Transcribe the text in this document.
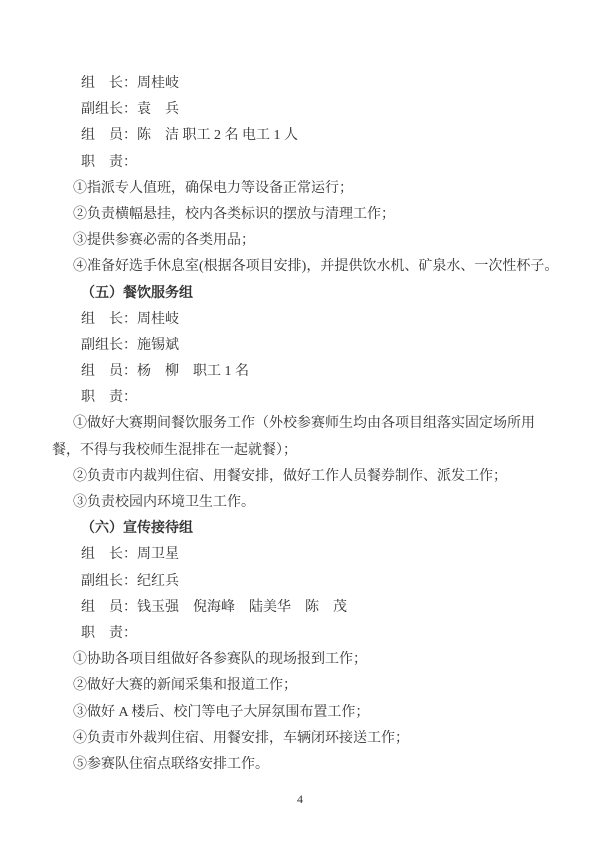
组　长：周桂岐
副组长：袁　兵
组　员：陈　洁 职工 2 名 电工 1 人
职　责：
①指派专人值班，确保电力等设备正常运行；
②负责横幅悬挂，校内各类标识的摆放与清理工作；
③提供参赛必需的各类用品；
④准备好选手休息室(根据各项目安排)，并提供饮水机、矿泉水、一次性杯子。
（五）餐饮服务组
组　长：周桂岐
副组长：施锡斌
组　员：杨　柳　职工 1 名
职　责：
①做好大赛期间餐饮服务工作（外校参赛师生均由各项目组落实固定场所用
餐，不得与我校师生混排在一起就餐）；
②负责市内裁判住宿、用餐安排，做好工作人员餐券制作、派发工作；
③负责校园内环境卫生工作。
（六）宣传接待组
组　长：周卫星
副组长：纪红兵
组　员：钱玉强　倪海峰　陆美华　陈　茂
职　责：
①协助各项目组做好各参赛队的现场报到工作；
②做好大赛的新闻采集和报道工作；
③做好 A 楼后、校门等电子大屏氛围布置工作；
④负责市外裁判住宿、用餐安排，车辆闭环接送工作；
⑤参赛队住宿点联络安排工作。
4
